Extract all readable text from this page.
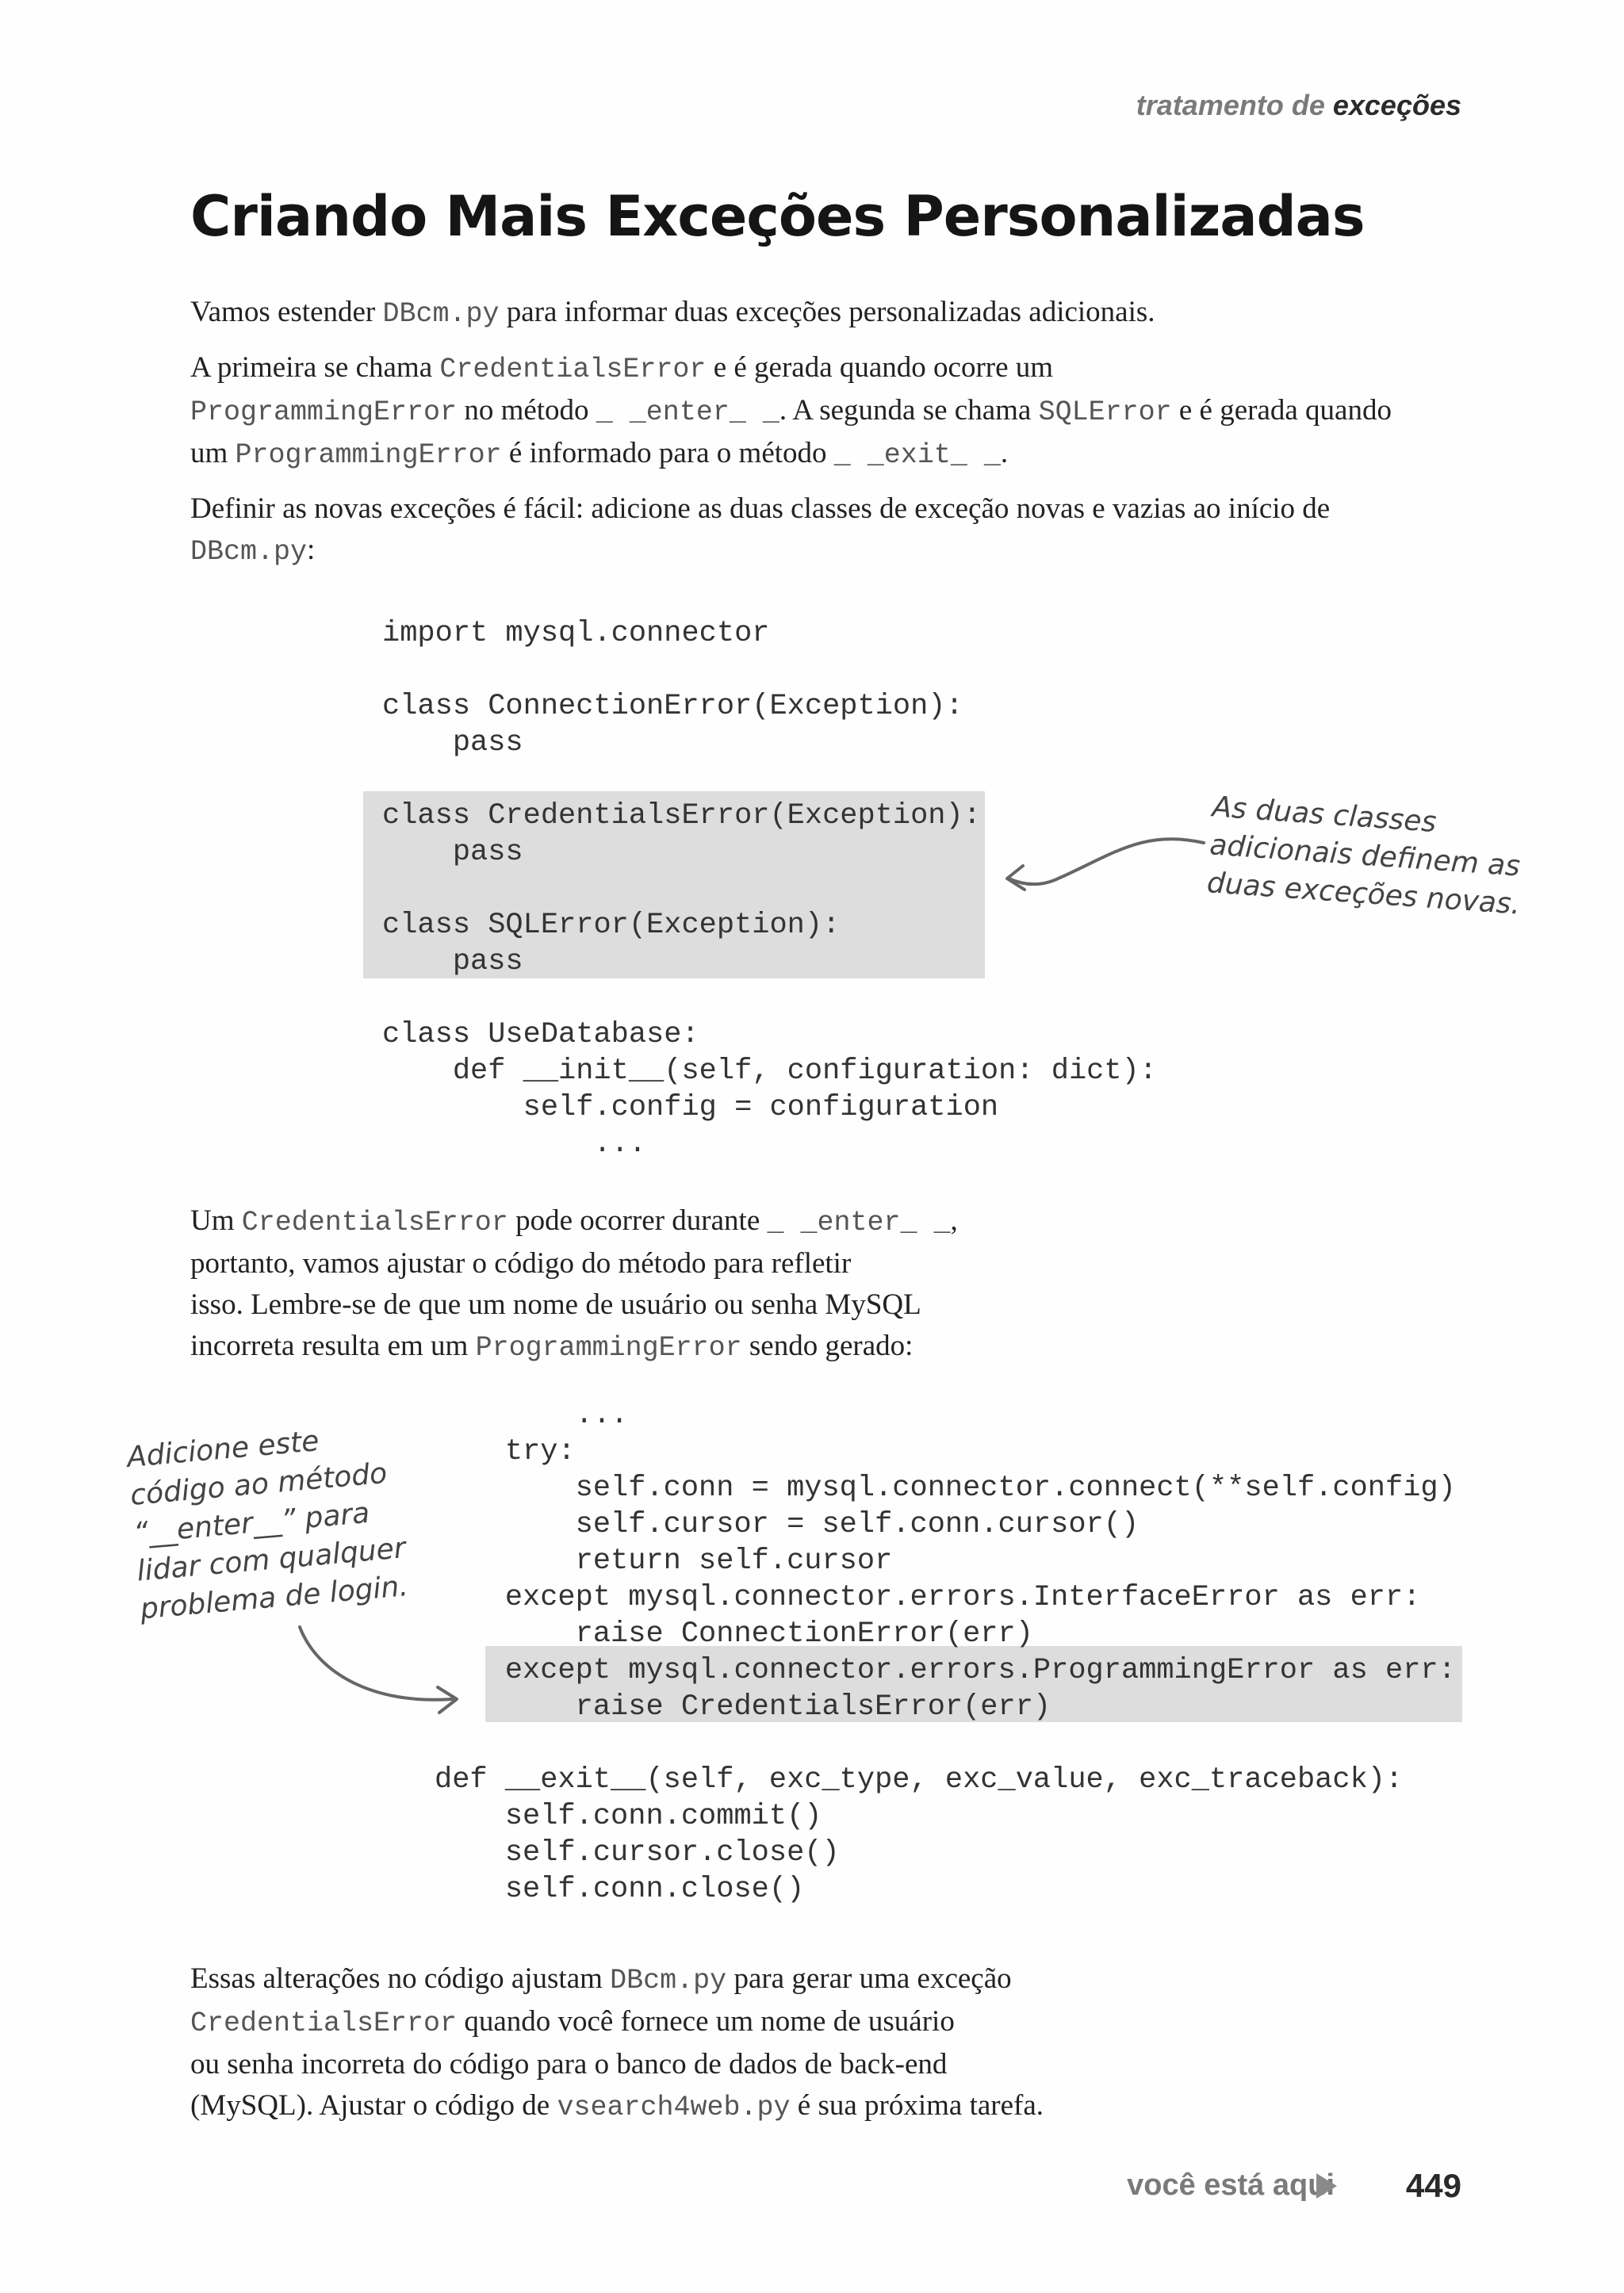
tratamento de exceções
Criando Mais Exceções Personalizadas

Vamos estender DBcm.py para informar duas exceções personalizadas adicionais.

A primeira se chama CredentialsError e é gerada quando ocorre um
ProgrammingError no método _ _enter_ _. A segunda se chama SQLError e é gerada quando um ProgrammingError é informado para o método _ _exit_ _.

Definir as novas exceções é fácil: adicione as duas classes de exceção novas e vazias ao início de DBcm.py:

import mysql.connector

class ConnectionError(Exception):
pass

class CredentialsError(Exception):
pass

class SQLError(Exception):
pass

class UseDatabase:
def __init__(self, configuration: dict):
self.config = configuration
...
As duas classes
adicionais definem as
duas exceções novas.

Um CredentialsError pode ocorrer durante _ _enter_ _,
portanto, vamos ajustar o código do método para refletir
isso. Lembre-se de que um nome de usuário ou senha MySQL
incorreta resulta em um ProgrammingError sendo gerado:

...
try:
self.conn = mysql.connector.connect(**self.config)
self.cursor = self.conn.cursor()
return self.cursor
except mysql.connector.errors.InterfaceError as err:
raise ConnectionError(err)
except mysql.connector.errors.ProgrammingError as err:
raise CredentialsError(err)

def __exit__(self, exc_type, exc_value, exc_traceback):
self.conn.commit()
self.cursor.close()
self.conn.close()
Adicione este
código ao método
“__enter__” para
lidar com qualquer
problema de login.

Essas alterações no código ajustam DBcm.py para gerar uma exceção
CredentialsError quando você fornece um nome de usuário
ou senha incorreta do código para o banco de dados de back-end
(MySQL). Ajustar o código de vsearch4web.py é sua próxima tarefa.

você está aqui 449
